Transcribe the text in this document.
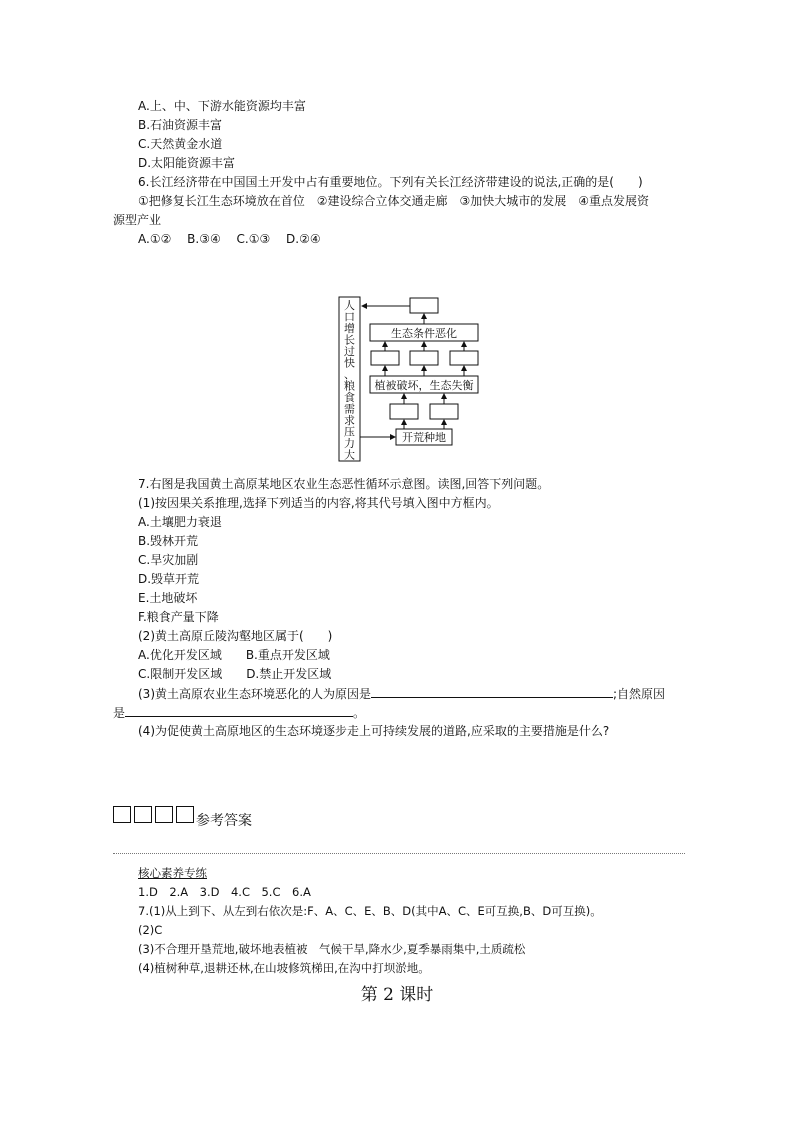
A.上、中、下游水能资源均丰富
B.石油资源丰富
C.天然黄金水道
D.太阳能资源丰富
6.长江经济带在中国国土开发中占有重要地位。下列有关长江经济带建设的说法,正确的是(　　)
①把修复长江生态环境放在首位　②建设综合立体交通走廊　③加快大城市的发展　④重点发展资
源型产业
A.①②　 B.③④　 C.①③　 D.②④
人
口
增
长
过
快
、
粮
食
需
求
压
力
大
生态条件恶化
植被破坏，生态失衡
开荒种地
7.右图是我国黄土高原某地区农业生态恶性循环示意图。读图,回答下列问题。
(1)按因果关系推理,选择下列适当的内容,将其代号填入图中方框内。
A.土壤肥力衰退
B.毁林开荒
C.旱灾加剧
D.毁草开荒
E.土地破坏
F.粮食产量下降
(2)黄土高原丘陵沟壑地区属于(　　)
A.优化开发区域　　B.重点开发区域
C.限制开发区域　　D.禁止开发区域
(3)黄土高原农业生态环境恶化的人为原因是	;自然原因
是	。
(4)为促使黄土高原地区的生态环境逐步走上可持续发展的道路,应采取的主要措施是什么?
参考答案
核心素养专练
1.D　2.A　3.D　4.C　5.C　6.A
7.(1)从上到下、从左到右依次是:F、A、C、E、B、D(其中A、C、E可互换,B、D可互换)。
(2)C
(3)不合理开垦荒地,破坏地表植被　气候干旱,降水少,夏季暴雨集中,土质疏松
(4)植树种草,退耕还林,在山坡修筑梯田,在沟中打坝淤地。
第 2 课时
